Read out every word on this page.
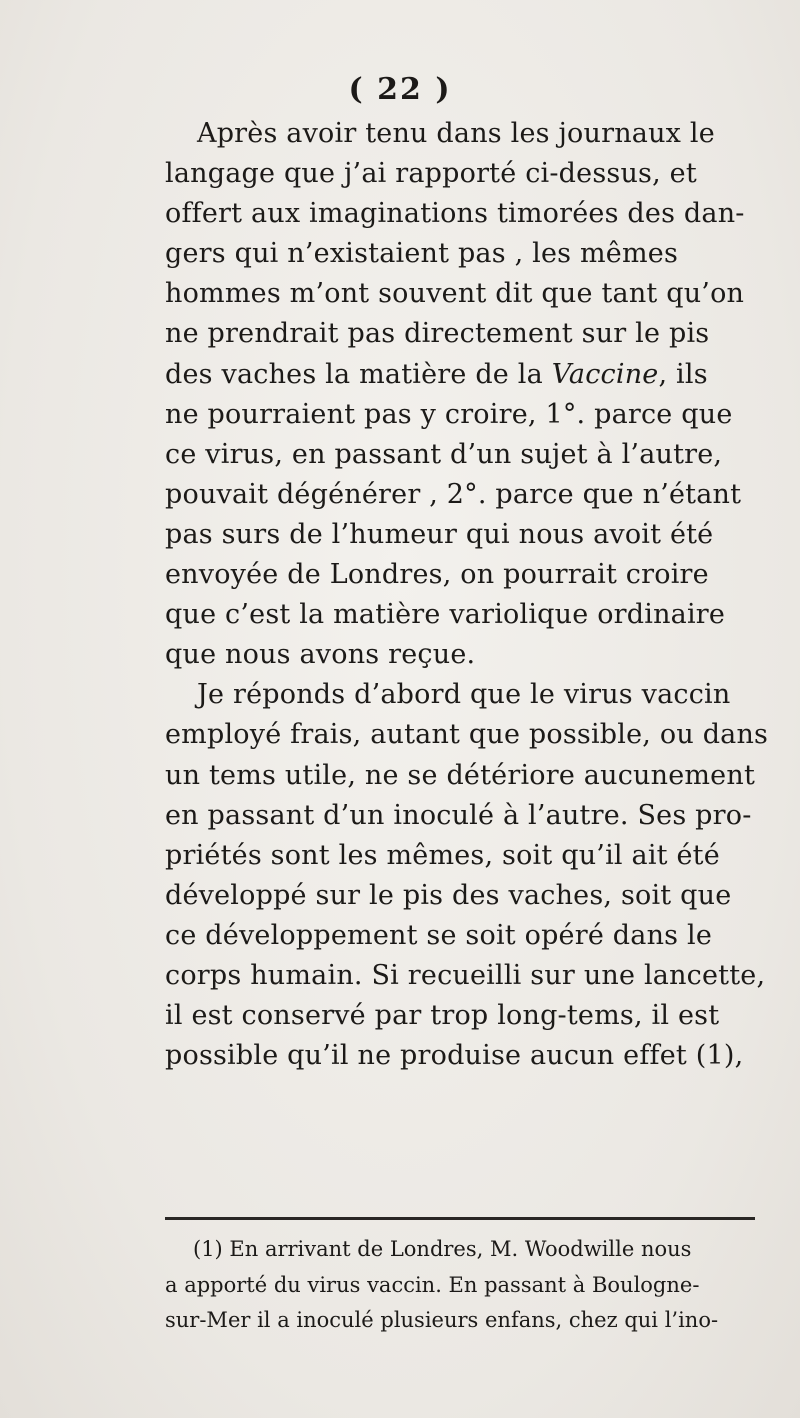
( 22 )
Après avoir tenu dans les journaux le
langage que j’ai rapporté ci-dessus, et
offert aux imaginations timorées des dan-
gers qui n’existaient pas , les mêmes
hommes m’ont souvent dit que tant qu’on
ne prendrait pas directement sur le pis
des vaches la matière de la Vaccine, ils
ne pourraient pas y croire, 1°. parce que
ce virus, en passant d’un sujet à l’autre,
pouvait dégénérer , 2°. parce que n’étant
pas surs de l’humeur qui nous avoit été
envoyée de Londres, on pourrait croire
que c’est la matière variolique ordinaire
que nous avons reçue.
Je réponds d’abord que le virus vaccin
employé frais, autant que possible, ou dans
un tems utile, ne se détériore aucunement
en passant d’un inoculé à l’autre. Ses pro-
priétés sont les mêmes, soit qu’il ait été
développé sur le pis des vaches, soit que
ce développement se soit opéré dans le
corps humain. Si recueilli sur une lancette,
il est conservé par trop long-tems, il est
possible qu’il ne produise aucun effet (1),
(1) En arrivant de Londres, M. Woodwille nous
a apporté du virus vaccin. En passant à Boulogne-
sur-Mer il a inoculé plusieurs enfans, chez qui l’ino-
